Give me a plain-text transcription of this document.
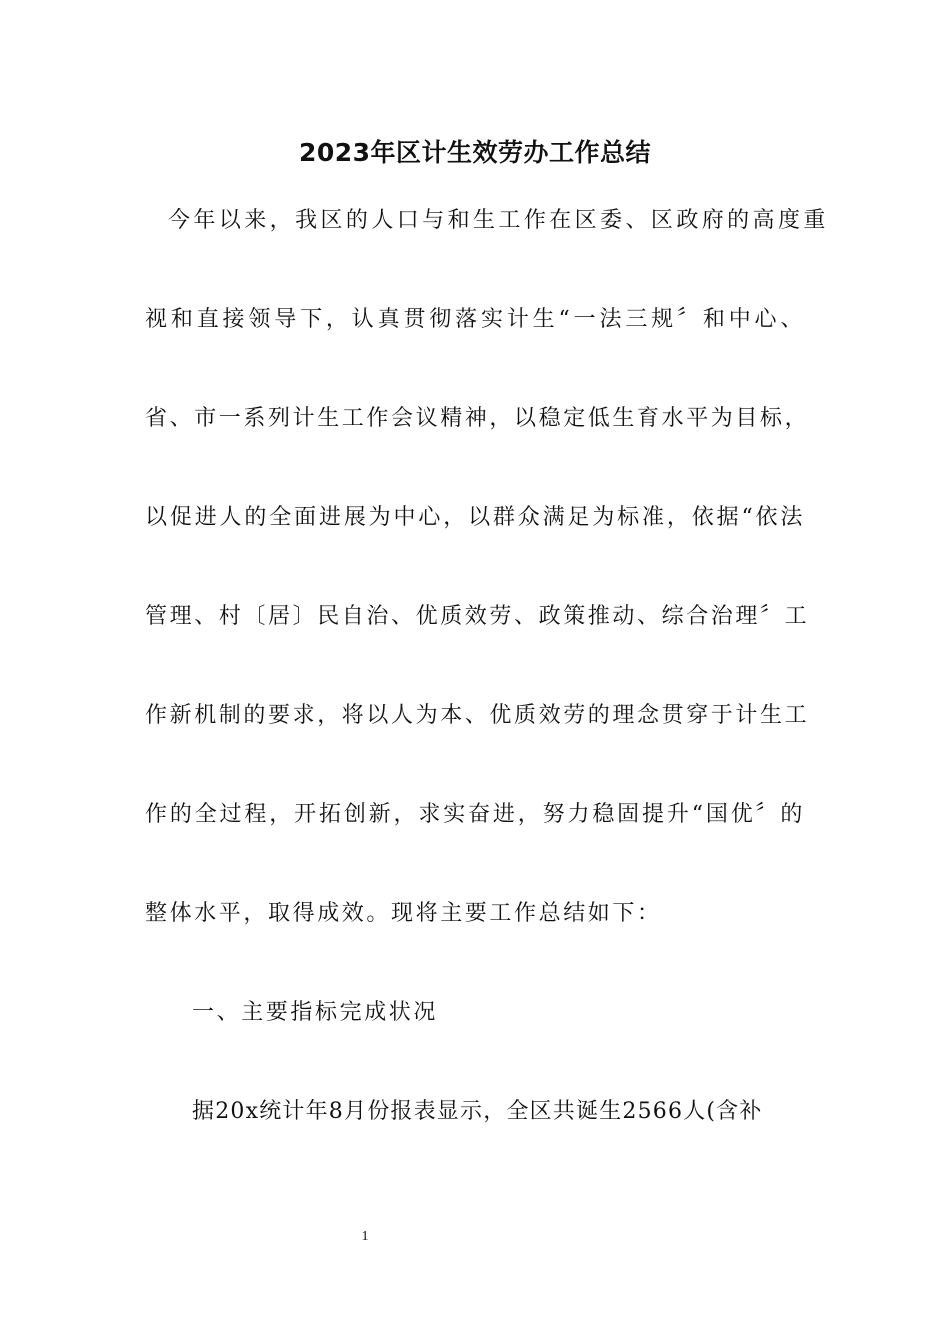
2023年区计生效劳办工作总结

今年以来，我区的人口与和生工作在区委、区政府的高度重

视和直接领导下，认真贯彻落实计生“一法三规〞和中心、

省、市一系列计生工作会议精神，以稳定低生育水平为目标，

以促进人的全面进展为中心，以群众满足为标准，依据“依法

管理、村〔居〕民自治、优质效劳、政策推动、综合治理〞工

作新机制的要求，将以人为本、优质效劳的理念贯穿于计生工

作的全过程，开拓创新，求实奋进，努力稳固提升“国优〞的

整体水平，取得成效。现将主要工作总结如下：

一、主要指标完成状况

据20x统计年8月份报表显示，全区共诞生2566人(含补

1
